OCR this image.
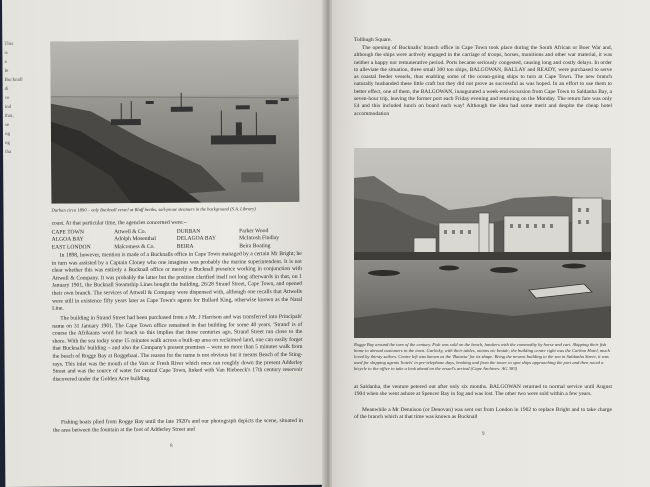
This is a fe Bucknall di co ind that, se ng ng tha
Durban circa 1890 – only Bucknall vessel at Bluff berths, sail-prone steamers in the background (S.A. Library)
coast. At that particular time, the agencies concerned were:–
CAPE TOWN	Attwell & Co.	DURBAN	Parker Wood
ALGOA BAY	Adolph Mosenthal	DELAGOA BAY	McIntosh Findlay
EAST LONDON	Malcomess & Co.	BEIRA	Beira Boating
In 1898, however, mention is made of a Bucknalls office in Cape Town managed by a certain Mr Bright; he in turn was assisted by a Captain Cloney who one imagines was probably the marine superintendent. It is not clear whether this was entirely a Bucknall office or merely a Bucknall presence working in conjunction with Attwell & Company. It was probably the latter but the position clarified itself not long afterwards in that, on 1 January 1901, the Bucknall Steamship Lines bought the building, 26/28 Strand Street, Cape Town, and opened their own branch. The services of Attwell & Company were dispensed with, although one recalls that Attwells were still in existence fifty years later as Cape Town's agents for Bullard King, otherwise known as the Natal Line.
The building in Strand Street had been purchased from a Mr. J Harrison and was transferred into Principals' name on 31 January 1901. The Cape Town office remained in that building for some 40 years. 'Strand' is of course the Afrikaans word for beach so this implies that those centuries ago, Strand Street ran close to the shore. With the sea today some 15 minutes walk across a built-up area on reclaimed land, one can easily forget that Bucknalls' building – and also the Company's present premises – were no more than 5 minutes walk from the beach of Rogge Bay at Roggebaai. The reason for the name is not obvious but it means Beach of the Sting-rays. This inlet was the mouth of the Vars or Fresh River which once ran roughly down the present Adderley Street and was the source of water for central Cape Town, linked with Van Riebeeck's 17th century reservoir discovered under the Golden Acre building.
Fishing boats plied from Rogge Bay until the late 1920's and our photograph depicts the scene, situated in the area between the fountain at the foot of Adderley Street and
8
Tollhugh Square.
The opening of Bucknalls' branch office in Cape Town took place during the South African or Boer War and, although the ships were actively engaged in the carriage of troops, horses, munitions and other war material, it was neither a happy nor remunerative period. Ports became seriously congested, causing long and costly delays. In order to alleviate the situation, three small 300 ton ships, BALGOWAN, BALLAY and READY, were purchased to serve as coastal feeder vessels, thus enabling some of the ocean-going ships to turn at Cape Town. The new branch naturally husbanded these little craft but they did not prove as successful as was hoped. In an effort to use them to better effect, one of them, the BALGOWAN, inaugurated a week-end excursion from Cape Town to Saldanha Bay, a seven-hour trip, leaving the former port each Friday evening and returning on the Monday. The return fare was only £4 and this included lunch on board each way! Although the idea had some merit and despite the cheap hotel accommodation
Rogge Bay around the turn of the century. Fish was sold on the beach, hawkers with the commodity by horse and cart. Skipping their fish home to abroad customers in the town. Garlicky, with their tables, onions etc beside; the building centre right was the Carlton Hotel, much loved by thirsty sailors. Centre left was known as the 'Batavia' for its shape. Bring the newest building to the sea in Saldanha Street, it was used for shipping agents 'hotels' in pre-telephone days, booking and from the tower to spot ships approaching the port and then raced a bicycle to the office to take a look ahead on the vessel's arrival (Cape Archives: AG 383)
at Saldanha, the venture petered out after only six months. BALGOWAN returned to normal service until August 1904 when she went ashore at Spencer Bay in fog and was lost. The other two were sold within a few years.
Meanwhile a Mr Dennison (or Denovan) was sent out from London in 1902 to replace Bright and to take charge of the branch which at that time was known as Bucknall
9
